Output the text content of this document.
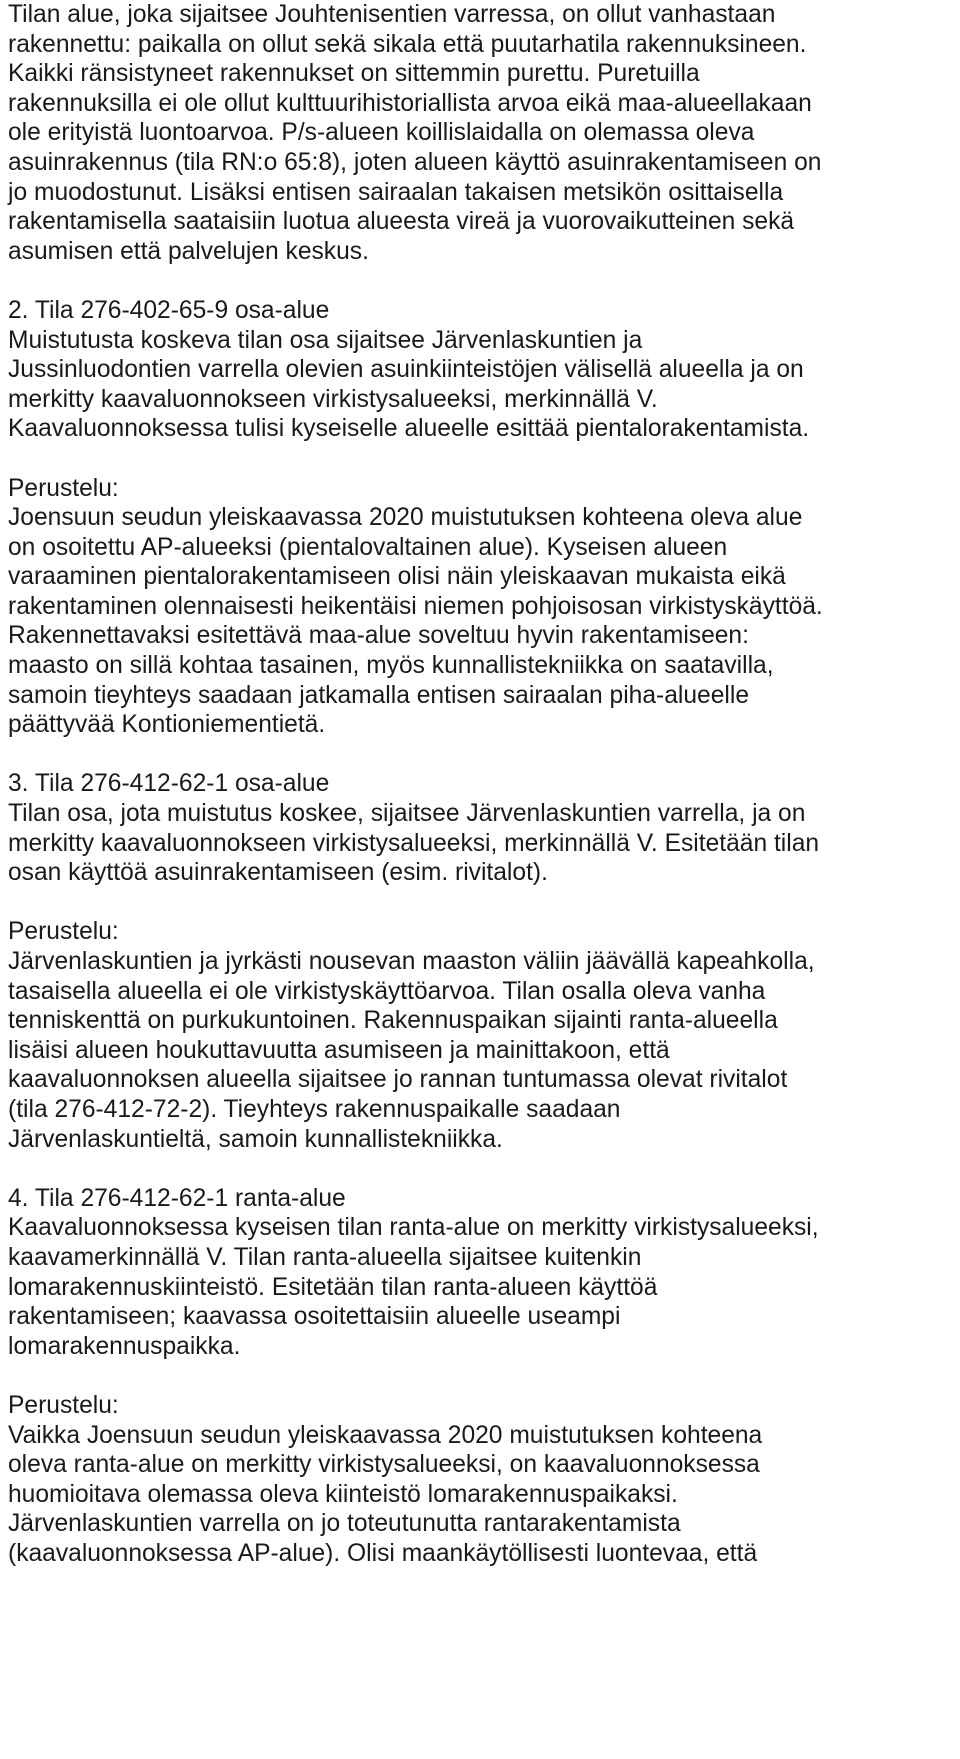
Tilan alue, joka sijaitsee Jouhtenisentien varressa, on ollut vanhastaan
rakennettu: paikalla on ollut sekä sikala että puutarhatila rakennuksineen.
Kaikki ränsistyneet rakennukset on sittemmin purettu. Puretuilla
rakennuksilla ei ole ollut kulttuurihistoriallista arvoa eikä maa-alueellakaan
ole erityistä luontoarvoa. P/s-alueen koillislaidalla on olemassa oleva
asuinrakennus (tila RN:o 65:8), joten alueen käyttö asuinrakentamiseen on
jo muodostunut. Lisäksi entisen sairaalan takaisen metsikön osittaisella
rakentamisella saataisiin luotua alueesta vireä ja vuorovaikutteinen sekä
asumisen että palvelujen keskus.
2. Tila 276-402-65-9 osa-alue
Muistutusta koskeva tilan osa sijaitsee Järvenlaskuntien ja
Jussinluodontien varrella olevien asuinkiinteistöjen välisellä alueella ja on
merkitty kaavaluonnokseen virkistysalueeksi, merkinnällä V.
Kaavaluonnoksessa tulisi kyseiselle alueelle esittää pientalorakentamista.
Perustelu:
Joensuun seudun yleiskaavassa 2020 muistutuksen kohteena oleva alue
on osoitettu AP-alueeksi (pientalovaltainen alue). Kyseisen alueen
varaaminen pientalorakentamiseen olisi näin yleiskaavan mukaista eikä
rakentaminen olennaisesti heikentäisi niemen pohjoisosan virkistyskäyttöä.
Rakennettavaksi esitettävä maa-alue soveltuu hyvin rakentamiseen:
maasto on sillä kohtaa tasainen, myös kunnallistekniikka on saatavilla,
samoin tieyhteys saadaan jatkamalla entisen sairaalan piha-alueelle
päättyvää Kontioniementietä.
3. Tila 276-412-62-1 osa-alue
Tilan osa, jota muistutus koskee, sijaitsee Järvenlaskuntien varrella, ja on
merkitty kaavaluonnokseen virkistysalueeksi, merkinnällä V. Esitetään tilan
osan käyttöä asuinrakentamiseen (esim. rivitalot).
Perustelu:
Järvenlaskuntien ja jyrkästi nousevan maaston väliin jäävällä kapeahkolla,
tasaisella alueella ei ole virkistyskäyttöarvoa. Tilan osalla oleva vanha
tenniskenttä on purkukuntoinen. Rakennuspaikan sijainti ranta-alueella
lisäisi alueen houkuttavuutta asumiseen ja mainittakoon, että
kaavaluonnoksen alueella sijaitsee jo rannan tuntumassa olevat rivitalot
(tila 276-412-72-2). Tieyhteys rakennuspaikalle saadaan
Järvenlaskuntieltä, samoin kunnallistekniikka.
4. Tila 276-412-62-1 ranta-alue
Kaavaluonnoksessa kyseisen tilan ranta-alue on merkitty virkistysalueeksi,
kaavamerkinnällä V. Tilan ranta-alueella sijaitsee kuitenkin
lomarakennuskiinteistö. Esitetään tilan ranta-alueen käyttöä
rakentamiseen; kaavassa osoitettaisiin alueelle useampi
lomarakennuspaikka.
Perustelu:
Vaikka Joensuun seudun yleiskaavassa 2020 muistutuksen kohteena
oleva ranta-alue on merkitty virkistysalueeksi, on kaavaluonnoksessa
huomioitava olemassa oleva kiinteistö lomarakennuspaikaksi.
Järvenlaskuntien varrella on jo toteutunutta rantarakentamista
(kaavaluonnoksessa AP-alue). Olisi maankäytöllisesti luontevaa, että
